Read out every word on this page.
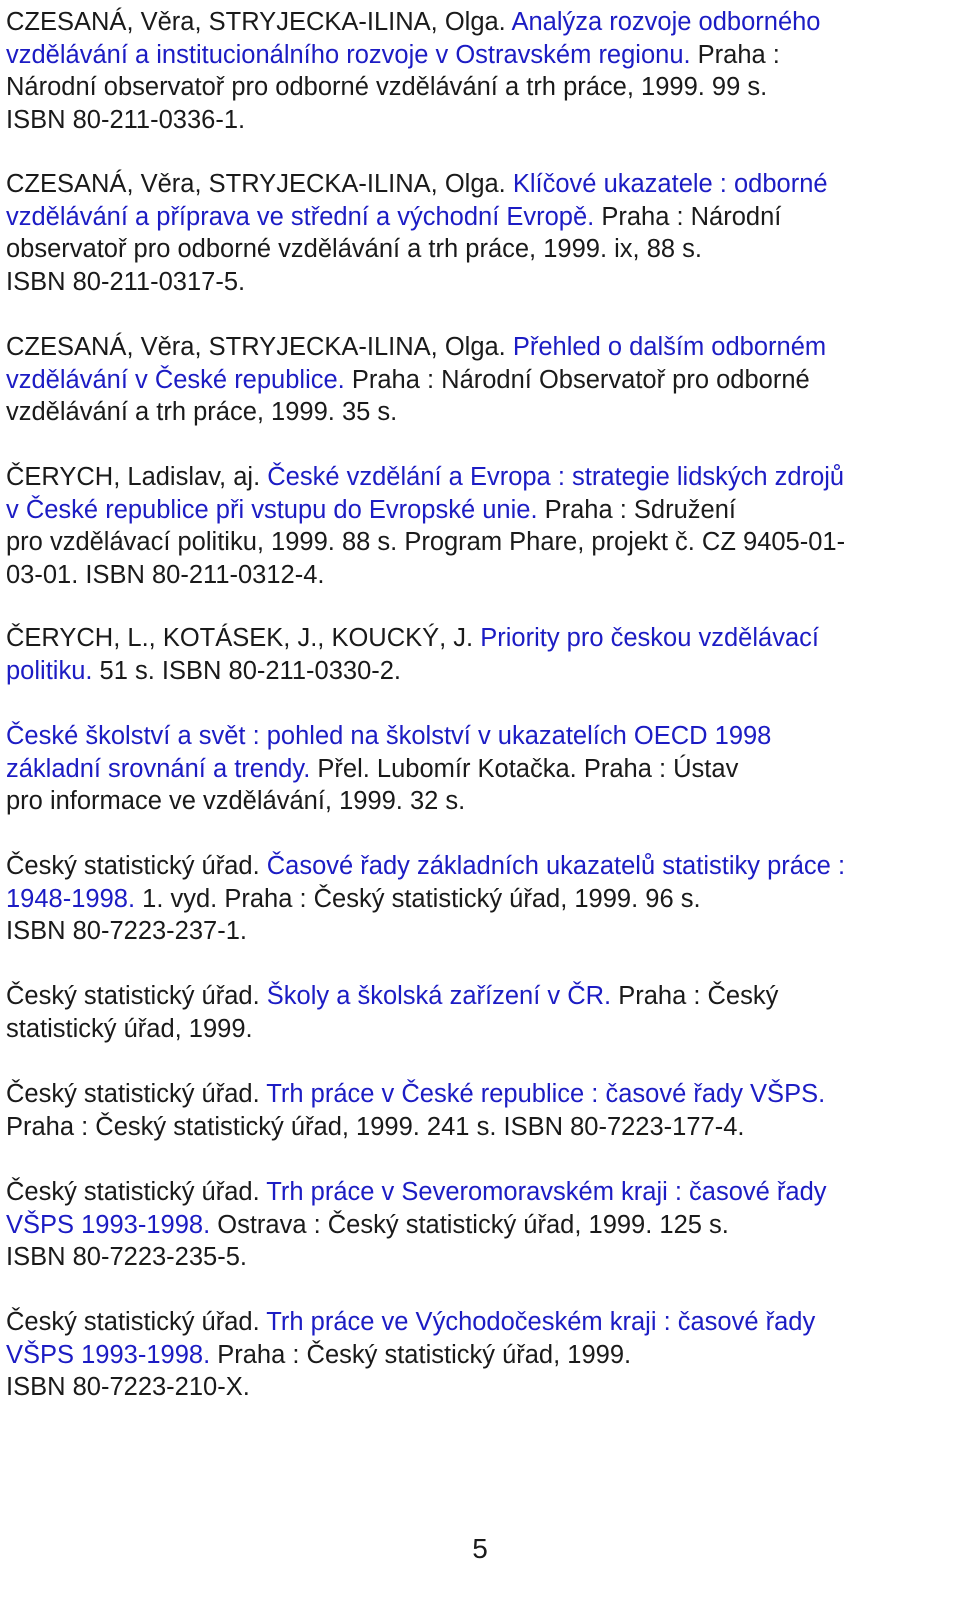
CZESANÁ, Věra, STRYJECKA-ILINA, Olga. Analýza rozvoje odborného
vzdělávání a institucionálního rozvoje v Ostravském regionu. Praha :
Národní observatoř pro odborné vzdělávání a trh práce, 1999. 99 s.
ISBN 80-211-0336-1.

CZESANÁ, Věra, STRYJECKA-ILINA, Olga. Klíčové ukazatele : odborné
vzdělávání a příprava ve střední a východní Evropě. Praha : Národní
observatoř pro odborné vzdělávání a trh práce, 1999. ix, 88 s.
ISBN 80-211-0317-5.

CZESANÁ, Věra, STRYJECKA-ILINA, Olga. Přehled o dalším odborném
vzdělávání v České republice. Praha : Národní Observatoř pro odborné
vzdělávání a trh práce, 1999. 35 s.

ČERYCH, Ladislav, aj. České vzdělání a Evropa : strategie lidských zdrojů
v České republice při vstupu do Evropské unie. Praha : Sdružení
pro vzdělávací politiku, 1999. 88 s. Program Phare, projekt č. CZ 9405-01-
03-01. ISBN 80-211-0312-4.

ČERYCH, L., KOTÁSEK, J., KOUCKÝ, J. Priority pro českou vzdělávací
politiku. 51 s. ISBN 80-211-0330-2.

České školství a svět : pohled na školství v ukazatelích OECD 1998
základní srovnání a trendy. Přel. Lubomír Kotačka. Praha : Ústav
pro informace ve vzdělávání, 1999. 32 s.

Český statistický úřad. Časové řady základních ukazatelů statistiky práce :
1948-1998. 1. vyd. Praha : Český statistický úřad, 1999. 96 s.
ISBN 80-7223-237-1.

Český statistický úřad. Školy a školská zařízení v ČR. Praha : Český
statistický úřad, 1999.

Český statistický úřad. Trh práce v České republice : časové řady VŠPS.
Praha : Český statistický úřad, 1999. 241 s. ISBN 80-7223-177-4.

Český statistický úřad. Trh práce v Severomoravském kraji : časové řady
VŠPS 1993-1998. Ostrava : Český statistický úřad, 1999. 125 s.
ISBN 80-7223-235-5.

Český statistický úřad. Trh práce ve Východočeském kraji : časové řady
VŠPS 1993-1998. Praha : Český statistický úřad, 1999.
ISBN 80-7223-210-X.

5
